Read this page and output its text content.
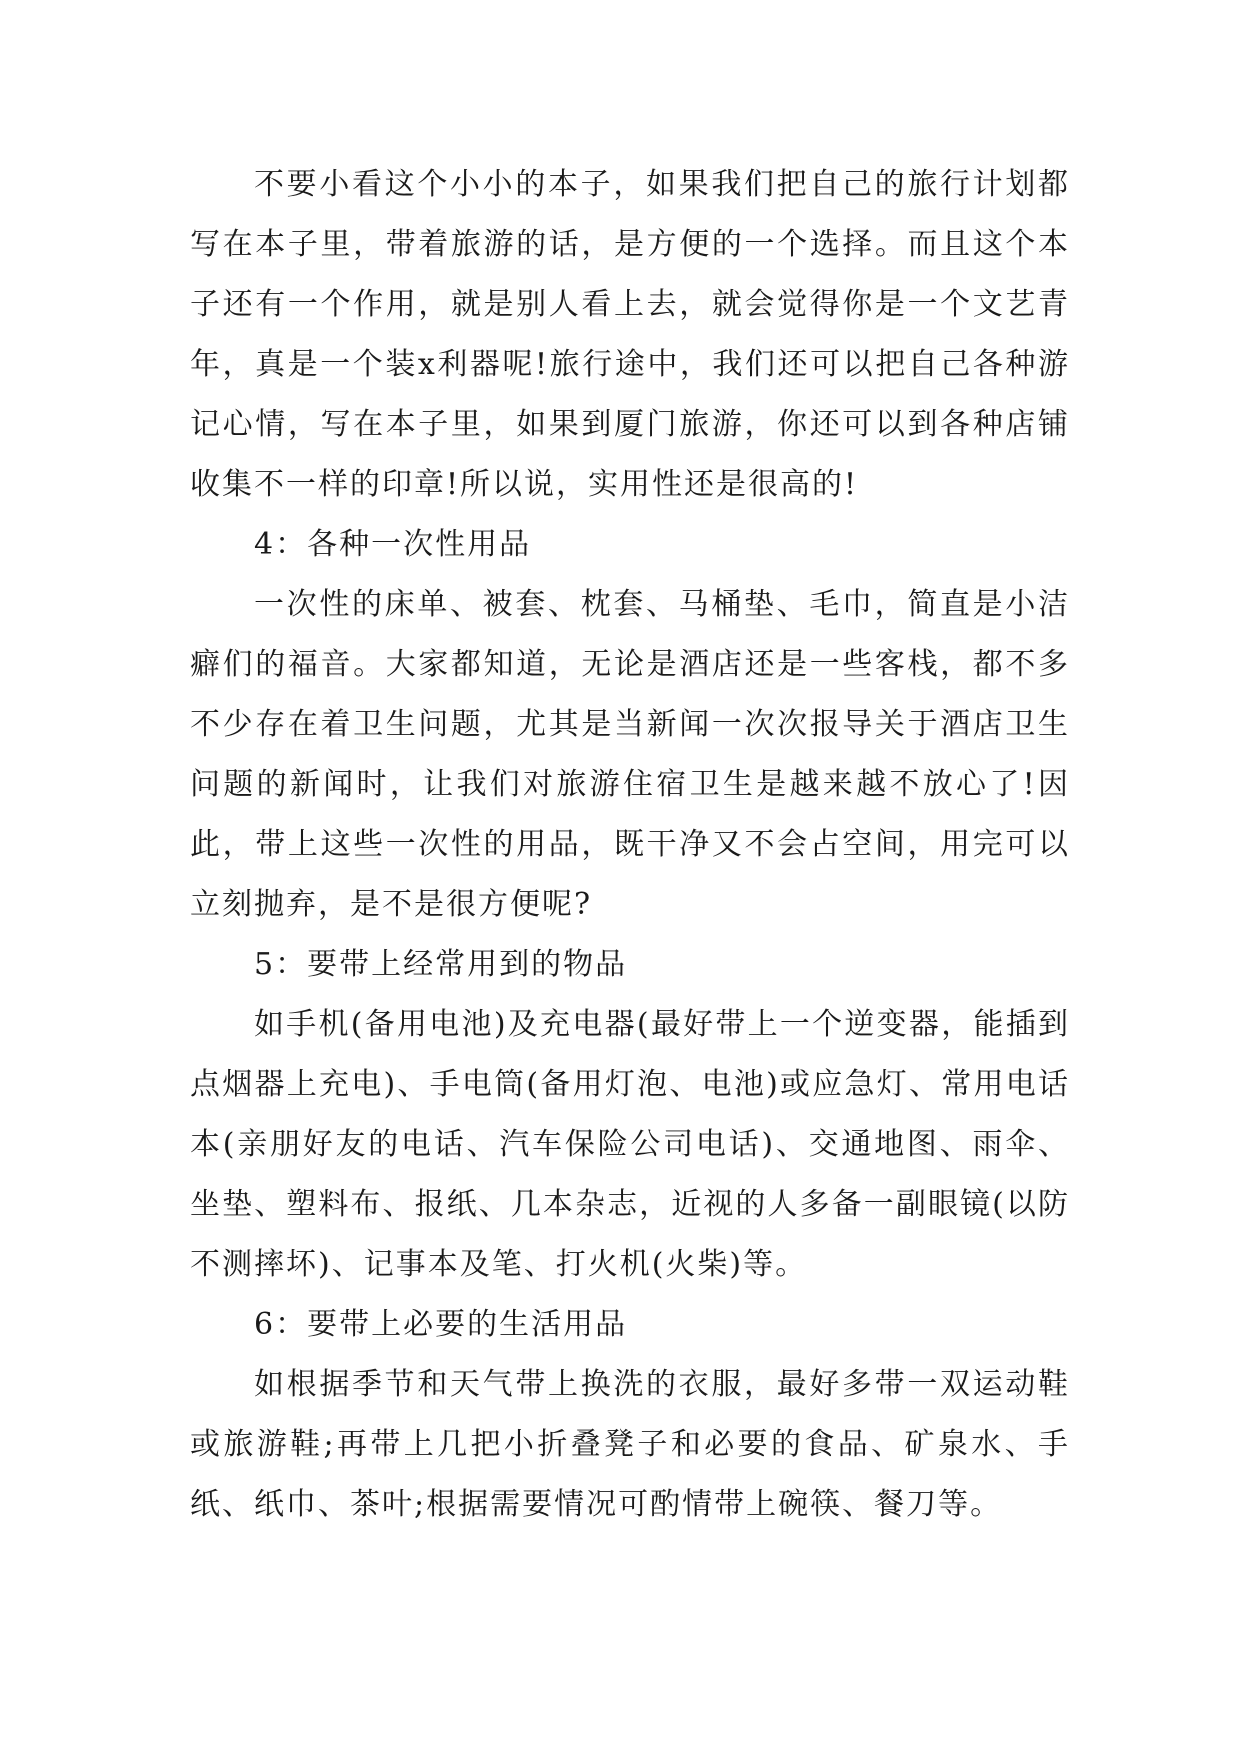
不要小看这个小小的本子，如果我们把自己的旅行计划都写在本子里，带着旅游的话，是方便的一个选择。而且这个本子还有一个作用，就是别人看上去，就会觉得你是一个文艺青年，真是一个装x利器呢!旅行途中，我们还可以把自己各种游记心情，写在本子里，如果到厦门旅游，你还可以到各种店铺收集不一样的印章!所以说，实用性还是很高的!

4：各种一次性用品

一次性的床单、被套、枕套、马桶垫、毛巾，简直是小洁癖们的福音。大家都知道，无论是酒店还是一些客栈，都不多不少存在着卫生问题，尤其是当新闻一次次报导关于酒店卫生问题的新闻时，让我们对旅游住宿卫生是越来越不放心了!因此，带上这些一次性的用品，既干净又不会占空间，用完可以立刻抛弃，是不是很方便呢?

5：要带上经常用到的物品

如手机(备用电池)及充电器(最好带上一个逆变器，能插到点烟器上充电)、手电筒(备用灯泡、电池)或应急灯、常用电话本(亲朋好友的电话、汽车保险公司电话)、交通地图、雨伞、坐垫、塑料布、报纸、几本杂志，近视的人多备一副眼镜(以防不测摔坏)、记事本及笔、打火机(火柴)等。

6：要带上必要的生活用品

如根据季节和天气带上换洗的衣服，最好多带一双运动鞋或旅游鞋;再带上几把小折叠凳子和必要的食品、矿泉水、手纸、纸巾、茶叶;根据需要情况可酌情带上碗筷、餐刀等。
